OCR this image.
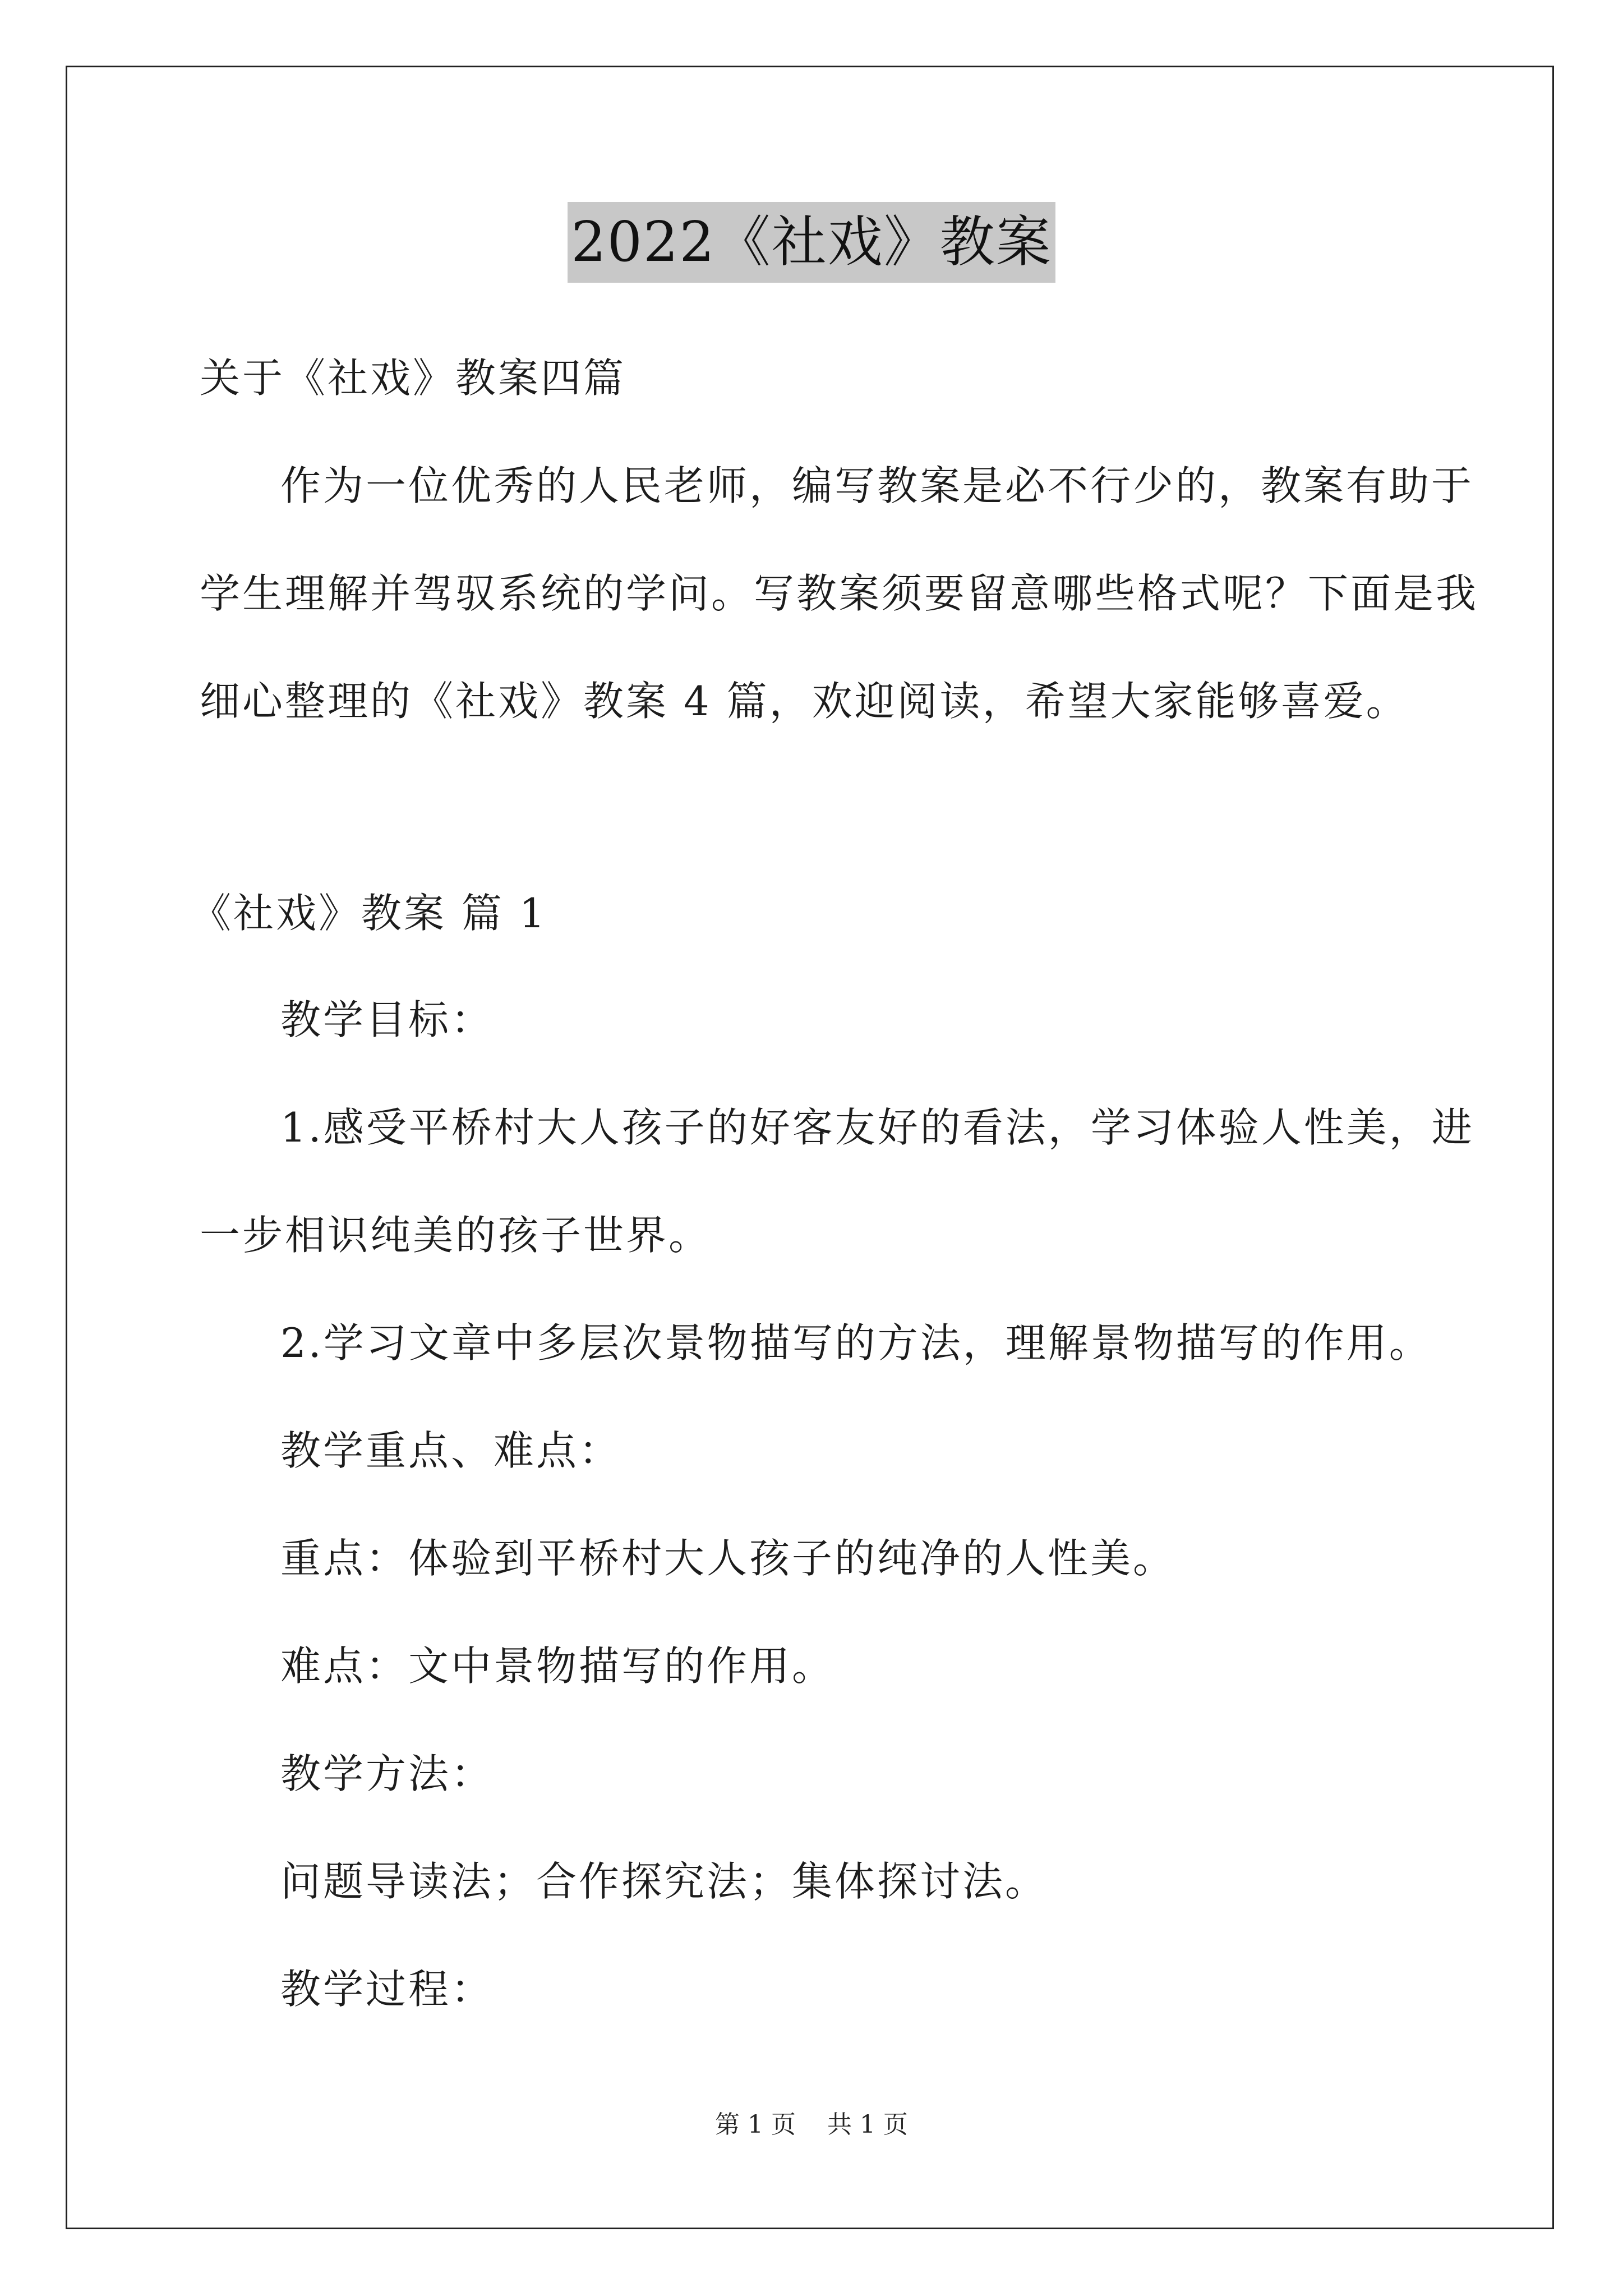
2022《社戏》教案
关于《社戏》教案四篇
作为一位优秀的人民老师，编写教案是必不行少的，教案有助于
学生理解并驾驭系统的学问。写教案须要留意哪些格式呢？下面是我
细心整理的《社戏》教案 4 篇，欢迎阅读，希望大家能够喜爱。
《社戏》教案 篇 1
教学目标：
1.感受平桥村大人孩子的好客友好的看法，学习体验人性美，进
一步相识纯美的孩子世界。
2.学习文章中多层次景物描写的方法，理解景物描写的作用。
教学重点、难点：
重点：体验到平桥村大人孩子的纯净的人性美。
难点：文中景物描写的作用。
教学方法：
问题导读法；合作探究法；集体探讨法。
教学过程：
第 1 页    共 1 页
